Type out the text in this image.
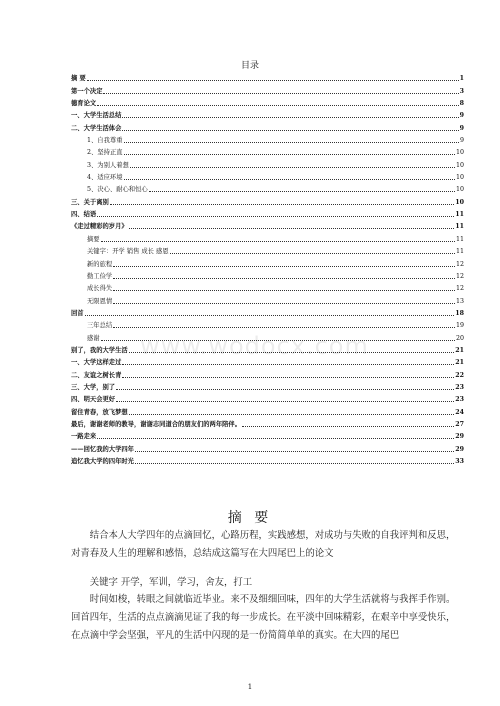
目录
摘 要	1
第一个决定	3
德育论文	8
一、大学生活总结	9
二、大学生活体会	9
1、自我尊重	9
2、坚持正直	10
3、为别人着想	10
4、适应环境	10
5、决心、耐心和恒心	10
三、关于离别	10
四、结语	11
《走过精彩的岁月》	11
摘要	11
关键字：开学 销售 成长 感恩	11
新的旅程	12
勤工俭学	12
成长得失	12
无限恩情	13
回首	18
三年总结	19
感谢	20
别了，我的大学生活	21
一、大学这样走过	21
二、友谊之树长青	22
三、大学，别了	23
四、明天会更好	23
留住青春，放飞梦想	24
最后，谢谢老师的教导，谢谢志同道合的朋友们的两年陪伴。	27
一路走来	29
——回忆我的大学四年	29
追忆我大学的四年时光	33
www.wodocx.com
摘 要
结合本人大学四年的点滴回忆，心路历程，实践感想，对成功与失败的自我评判和反思，对青春及人生的理解和感悟，总结成这篇写在大四尾巴上的论文
关键字 开学，军训，学习，舍友，打工
时间如梭，转眼之间就临近毕业。来不及细细回味，四年的大学生活就将与我挥手作别。回首四年，生活的点点滴滴见证了我的每一步成长。在平淡中回味精彩，在艰辛中享受快乐，在点滴中学会坚强，平凡的生活中闪现的是一份简简单单的真实。在大四的尾巴
1
